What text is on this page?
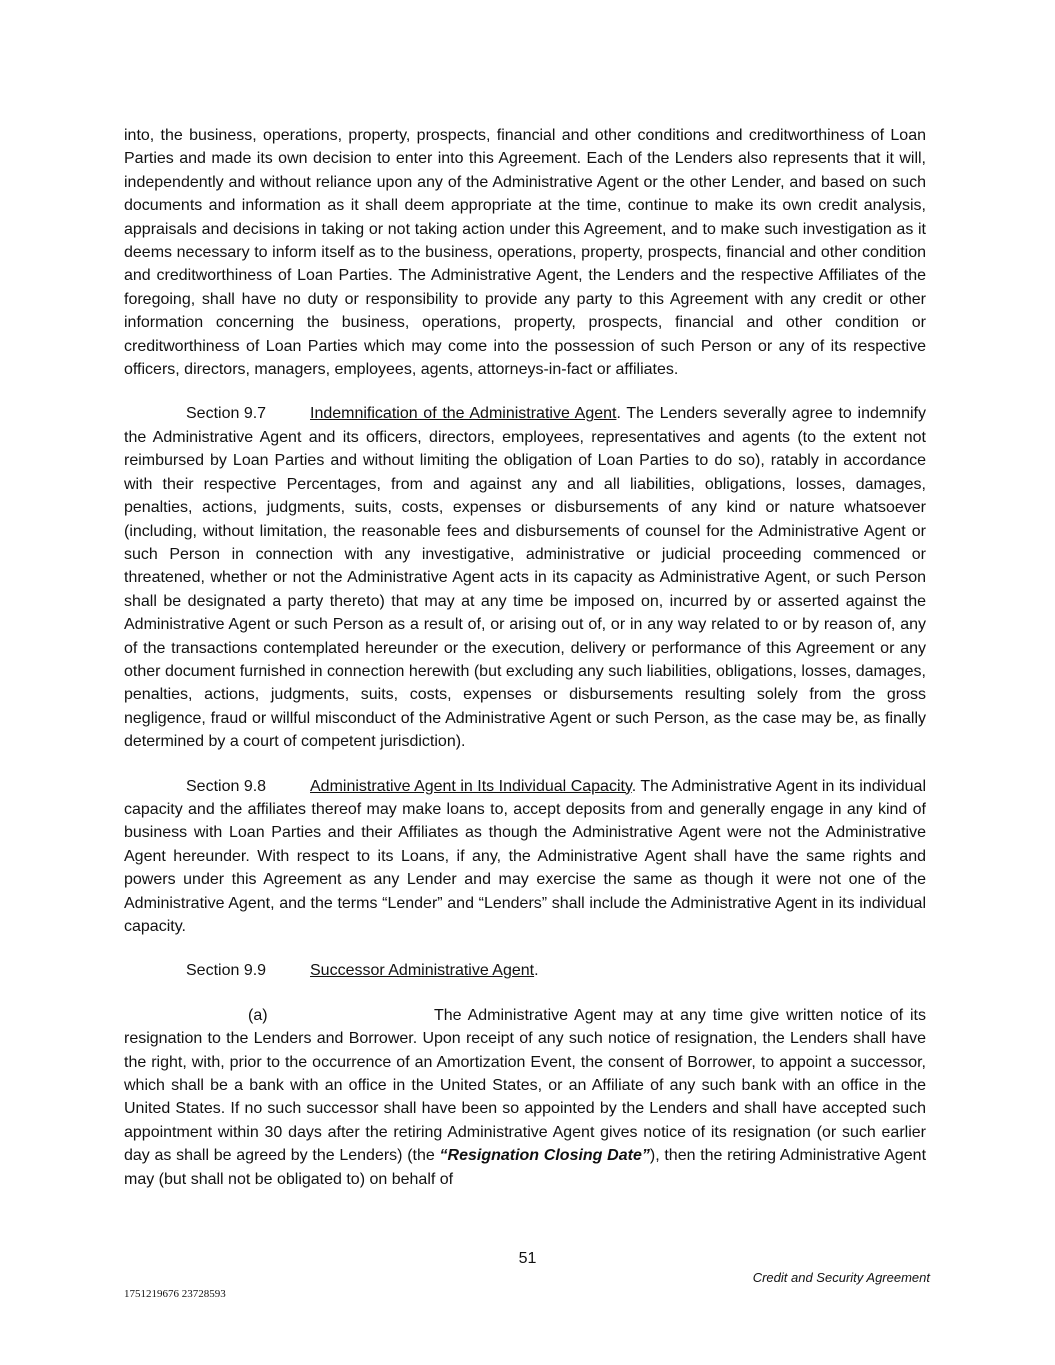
into, the business, operations, property, prospects, financial and other conditions and creditworthiness of Loan Parties and made its own decision to enter into this Agreement. Each of the Lenders also represents that it will, independently and without reliance upon any of the Administrative Agent or the other Lender, and based on such documents and information as it shall deem appropriate at the time, continue to make its own credit analysis, appraisals and decisions in taking or not taking action under this Agreement, and to make such investigation as it deems necessary to inform itself as to the business, operations, property, prospects, financial and other condition and creditworthiness of Loan Parties. The Administrative Agent, the Lenders and the respective Affiliates of the foregoing, shall have no duty or responsibility to provide any party to this Agreement with any credit or other information concerning the business, operations, property, prospects, financial and other condition or creditworthiness of Loan Parties which may come into the possession of such Person or any of its respective officers, directors, managers, employees, agents, attorneys-in-fact or affiliates.

Section 9.7	Indemnification of the Administrative Agent. The Lenders severally agree to indemnify the Administrative Agent and its officers, directors, employees, representatives and agents (to the extent not reimbursed by Loan Parties and without limiting the obligation of Loan Parties to do so), ratably in accordance with their respective Percentages, from and against any and all liabilities, obligations, losses, damages, penalties, actions, judgments, suits, costs, expenses or disbursements of any kind or nature whatsoever (including, without limitation, the reasonable fees and disbursements of counsel for the Administrative Agent or such Person in connection with any investigative, administrative or judicial proceeding commenced or threatened, whether or not the Administrative Agent acts in its capacity as Administrative Agent, or such Person shall be designated a party thereto) that may at any time be imposed on, incurred by or asserted against the Administrative Agent or such Person as a result of, or arising out of, or in any way related to or by reason of, any of the transactions contemplated hereunder or the execution, delivery or performance of this Agreement or any other document furnished in connection herewith (but excluding any such liabilities, obligations, losses, damages, penalties, actions, judgments, suits, costs, expenses or disbursements resulting solely from the gross negligence, fraud or willful misconduct of the Administrative Agent or such Person, as the case may be, as finally determined by a court of competent jurisdiction).

Section 9.8	Administrative Agent in Its Individual Capacity. The Administrative Agent in its individual capacity and the affiliates thereof may make loans to, accept deposits from and generally engage in any kind of business with Loan Parties and their Affiliates as though the Administrative Agent were not the Administrative Agent hereunder. With respect to its Loans, if any, the Administrative Agent shall have the same rights and powers under this Agreement as any Lender and may exercise the same as though it were not one of the Administrative Agent, and the terms “Lender” and “Lenders” shall include the Administrative Agent in its individual capacity.

Section 9.9	Successor Administrative Agent.

(a)	The Administrative Agent may at any time give written notice of its resignation to the Lenders and Borrower. Upon receipt of any such notice of resignation, the Lenders shall have the right, with, prior to the occurrence of an Amortization Event, the consent of Borrower, to appoint a successor, which shall be a bank with an office in the United States, or an Affiliate of any such bank with an office in the United States. If no such successor shall have been so appointed by the Lenders and shall have accepted such appointment within 30 days after the retiring Administrative Agent gives notice of its resignation (or such earlier day as shall be agreed by the Lenders) (the “Resignation Closing Date”), then the retiring Administrative Agent may (but shall not be obligated to) on behalf of

51
Credit and Security Agreement
1751219676 23728593
